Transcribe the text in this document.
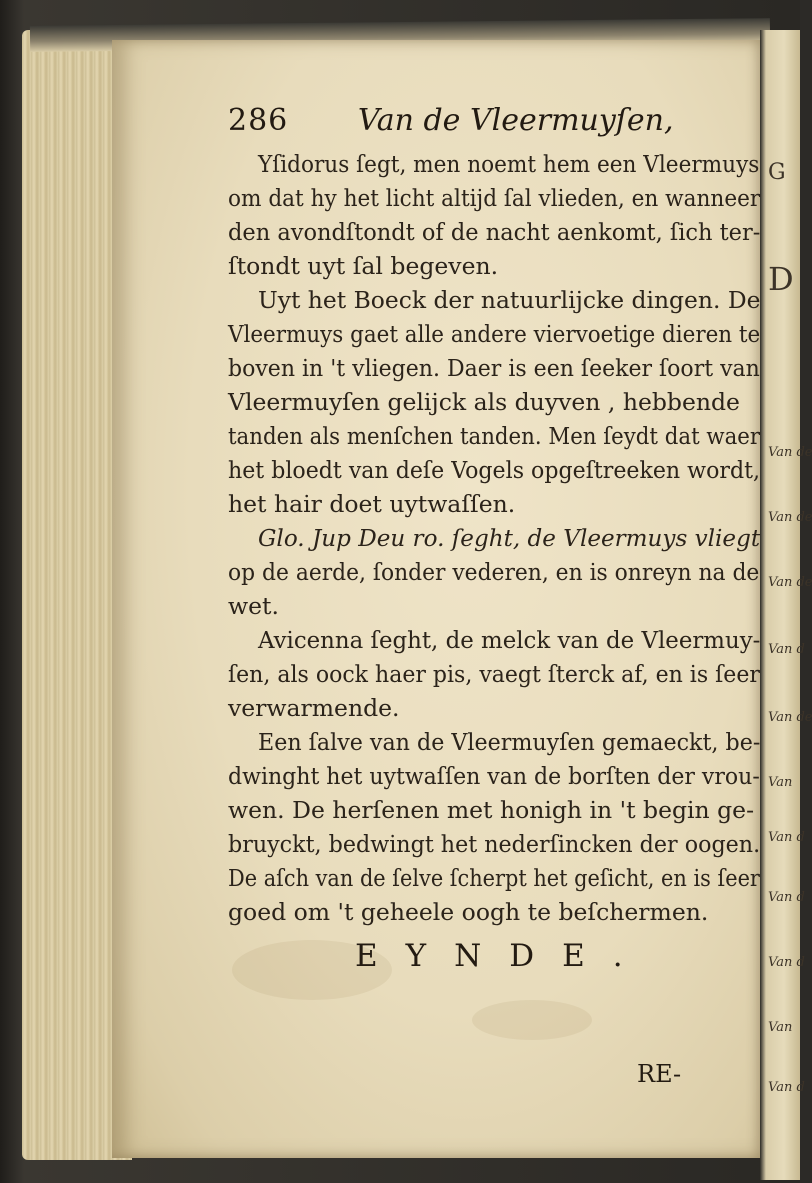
G
D
Van de
Van de
Van de
Van d
Van de
Van
Van d
Van d
Van d
Van
Van d
286 Van de Vleermuyſen,
Yſidorus ſegt, men noemt hem een Vleermuys
om dat hy het licht altijd ſal vlieden, en wanneer
den avondſtondt of de nacht aenkomt, ſich ter-
ſtondt uyt ſal begeven.
Uyt het Boeck der natuurlijcke dingen. De
Vleermuys gaet alle andere viervoetige dieren te
boven in 't vliegen. Daer is een ſeeker ſoort van
Vleermuyſen gelijck als duyven , hebbende
tanden als menſchen tanden. Men ſeydt dat waer
het bloedt van deſe Vogels opgeſtreeken wordt,
het hair doet uytwaſſen.
Glo. Jup Deu ro. ſeght, de Vleermuys vliegt
op de aerde, ſonder vederen, en is onreyn na de
wet.
Avicenna ſeght, de melck van de Vleermuy-
ſen, als oock haer pis, vaegt ſterck af, en is ſeer
verwarmende.
Een ſalve van de Vleermuyſen gemaeckt, be-
dwinght het uytwaſſen van de borſten der vrou-
wen. De herſenen met honigh in 't begin ge-
bruyckt, bedwingt het nederſincken der oogen.
De aſch van de ſelve ſcherpt het geſicht, en is ſeer
goed om 't geheele oogh te beſchermen.
EYNDE.
RE-
